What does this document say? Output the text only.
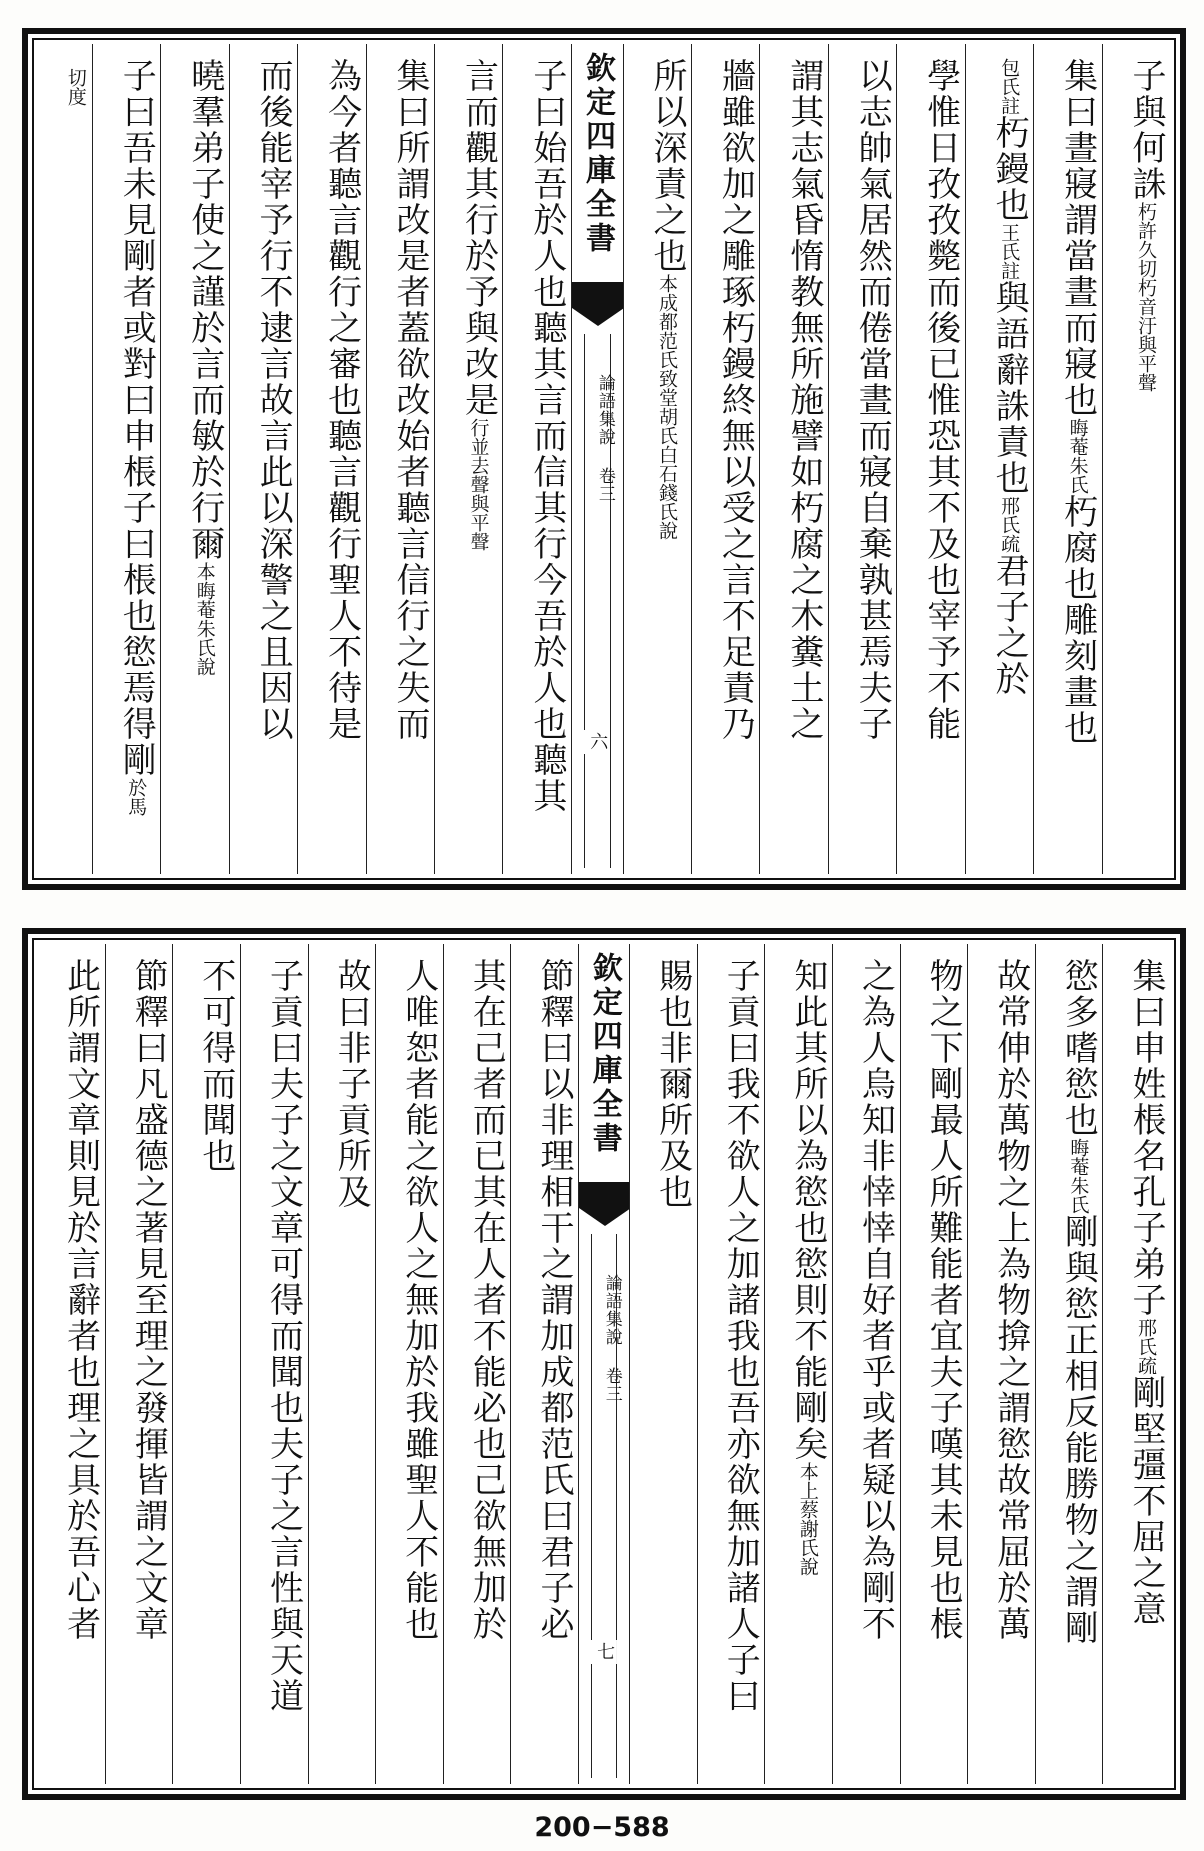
子與何誅朽許久切朽音汙與平聲
集曰晝寢謂當晝而寢也晦菴朱氏朽腐也雕刻畫也
包氏註朽鏝也王氏註與語辭誅責也邢氏疏君子之於
學惟日孜孜斃而後已惟恐其不及也宰予不能
以志帥氣居然而倦當晝而寢自棄孰甚焉夫子
謂其志氣昏惰教無所施譬如朽腐之木糞土之
牆雖欲加之雕琢朽鏝終無以受之言不足責乃
所以深責之也本成都范氏致堂胡氏白石錢氏說
欽定四庫全書
論語集說 卷三
六
子曰始吾於人也聽其言而信其行今吾於人也聽其
言而觀其行於予與改是行並去聲與平聲
集曰所謂改是者蓋欲改始者聽言信行之失而
為今者聽言觀行之審也聽言觀行聖人不待是
而後能宰予行不逮言故言此以深警之且因以
曉羣弟子使之謹於言而敏於行爾本晦菴朱氏說
子曰吾未見剛者或對曰申棖子曰棖也慾焉得剛於馬
切度
集曰申姓棖名孔子弟子邢氏疏剛堅彊不屈之意
慾多嗜慾也晦菴朱氏剛與慾正相反能勝物之謂剛
故常伸於萬物之上為物揜之謂慾故常屈於萬
物之下剛最人所難能者宜夫子嘆其未見也棖
之為人烏知非悻悻自好者乎或者疑以為剛不
知此其所以為慾也慾則不能剛矣本上蔡謝氏說
子貢曰我不欲人之加諸我也吾亦欲無加諸人子曰
賜也非爾所及也
欽定四庫全書
論語集說 卷三
七
節釋曰以非理相干之謂加成都范氏曰君子必
其在己者而已其在人者不能必也己欲無加於
人唯恕者能之欲人之無加於我雖聖人不能也
故曰非子貢所及
子貢曰夫子之文章可得而聞也夫子之言性與天道
不可得而聞也
節釋曰凡盛德之著見至理之發揮皆謂之文章
此所謂文章則見於言辭者也理之具於吾心者
200−588
